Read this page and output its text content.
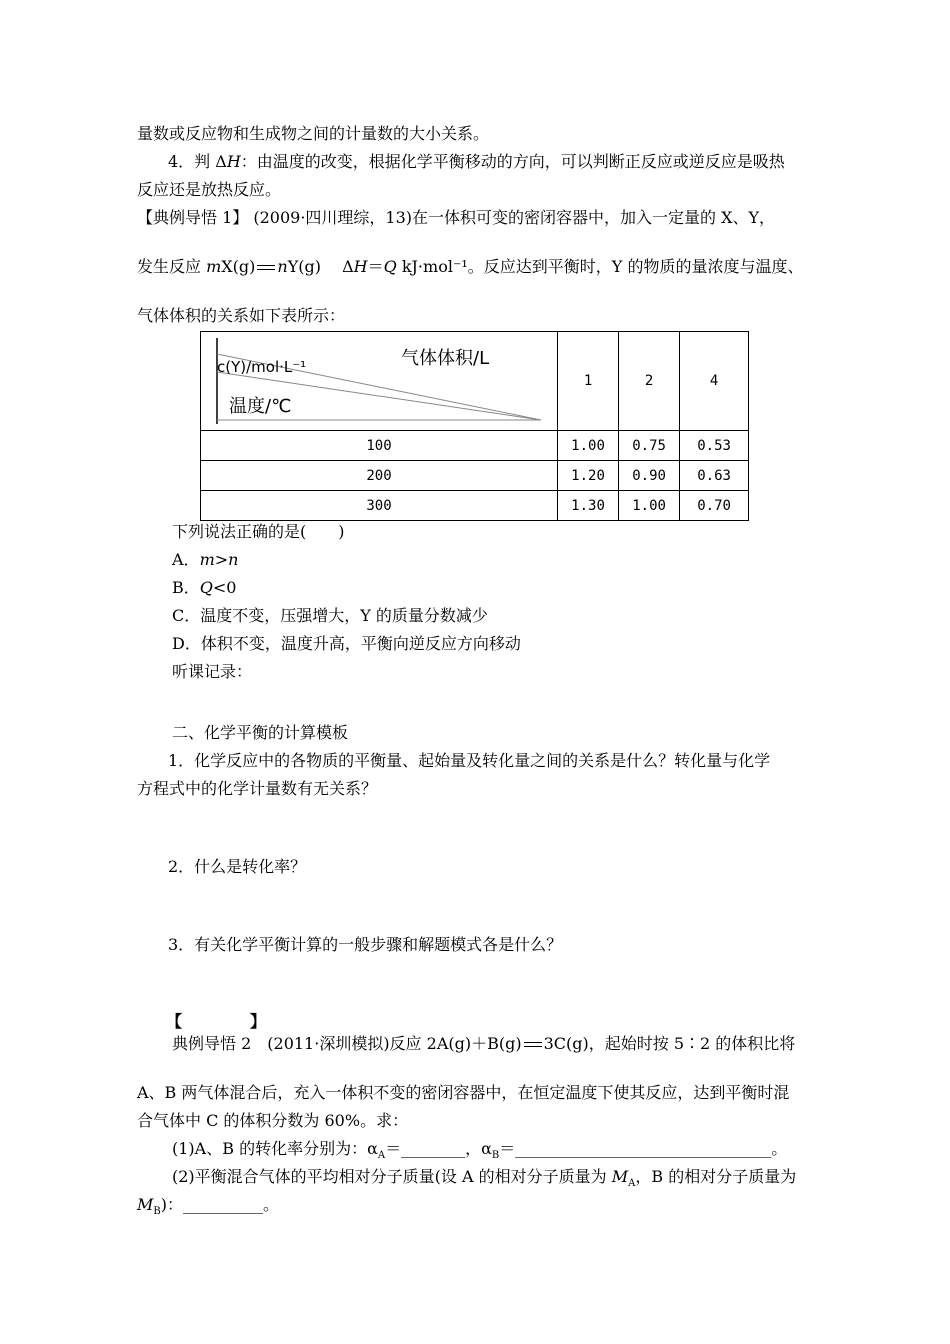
量数或反应物和生成物之间的计量数的大小关系。
4．判 ΔH：由温度的改变，根据化学平衡移动的方向，可以判断正反应或逆反应是吸热
反应还是放热反应。
【典例导悟 1】 (2009·四川理综，13)在一体积可变的密闭容器中，加入一定量的 X、Y，
发生反应 mX(g) nY(g)　 ΔH＝Q kJ·mol⁻¹。反应达到平衡时，Y 的物质的量浓度与温度、
气体体积的关系如下表所示：
气体体积/L
c(Y)/mol·L⁻¹
温度/℃	1	2	4
100	1.00	0.75	0.53
200	1.20	0.90	0.63
300	1.30	1.00	0.70
下列说法正确的是(　　)
A．m>n
B．Q<0
C．温度不变，压强增大，Y 的质量分数减少
D．体积不变，温度升高，平衡向逆反应方向移动
听课记录：
二、化学平衡的计算模板
1．化学反应中的各物质的平衡量、起始量及转化量之间的关系是什么？转化量与化学
方程式中的化学计量数有无关系？
2．什么是转化率？
3．有关化学平衡计算的一般步骤和解题模式各是什么？
【	】
典例导悟 2　(2011·深圳模拟)反应 2A(g)＋B(g) 3C(g)，起始时按 5∶2 的体积比将
A、B 两气体混合后，充入一体积不变的密闭容器中，在恒定温度下使其反应，达到平衡时混
合气体中 C 的体积分数为 60%。求：
(1)A、B 的转化率分别为：$\alpha_A=\_\_\_\_\_\_\_\_$，$\alpha_B=\_\_\_\_\_\_\_\_\_\_\_\_\_\_\_\_\_\_\_\_\_\_\_\_\_\_\_\_\_\_\_\_$。
(2)平衡混合气体的平均相对分子质量(设 A 的相对分子质量为 $M_A$，B 的相对分子质量为
$M_B$)：__________。
